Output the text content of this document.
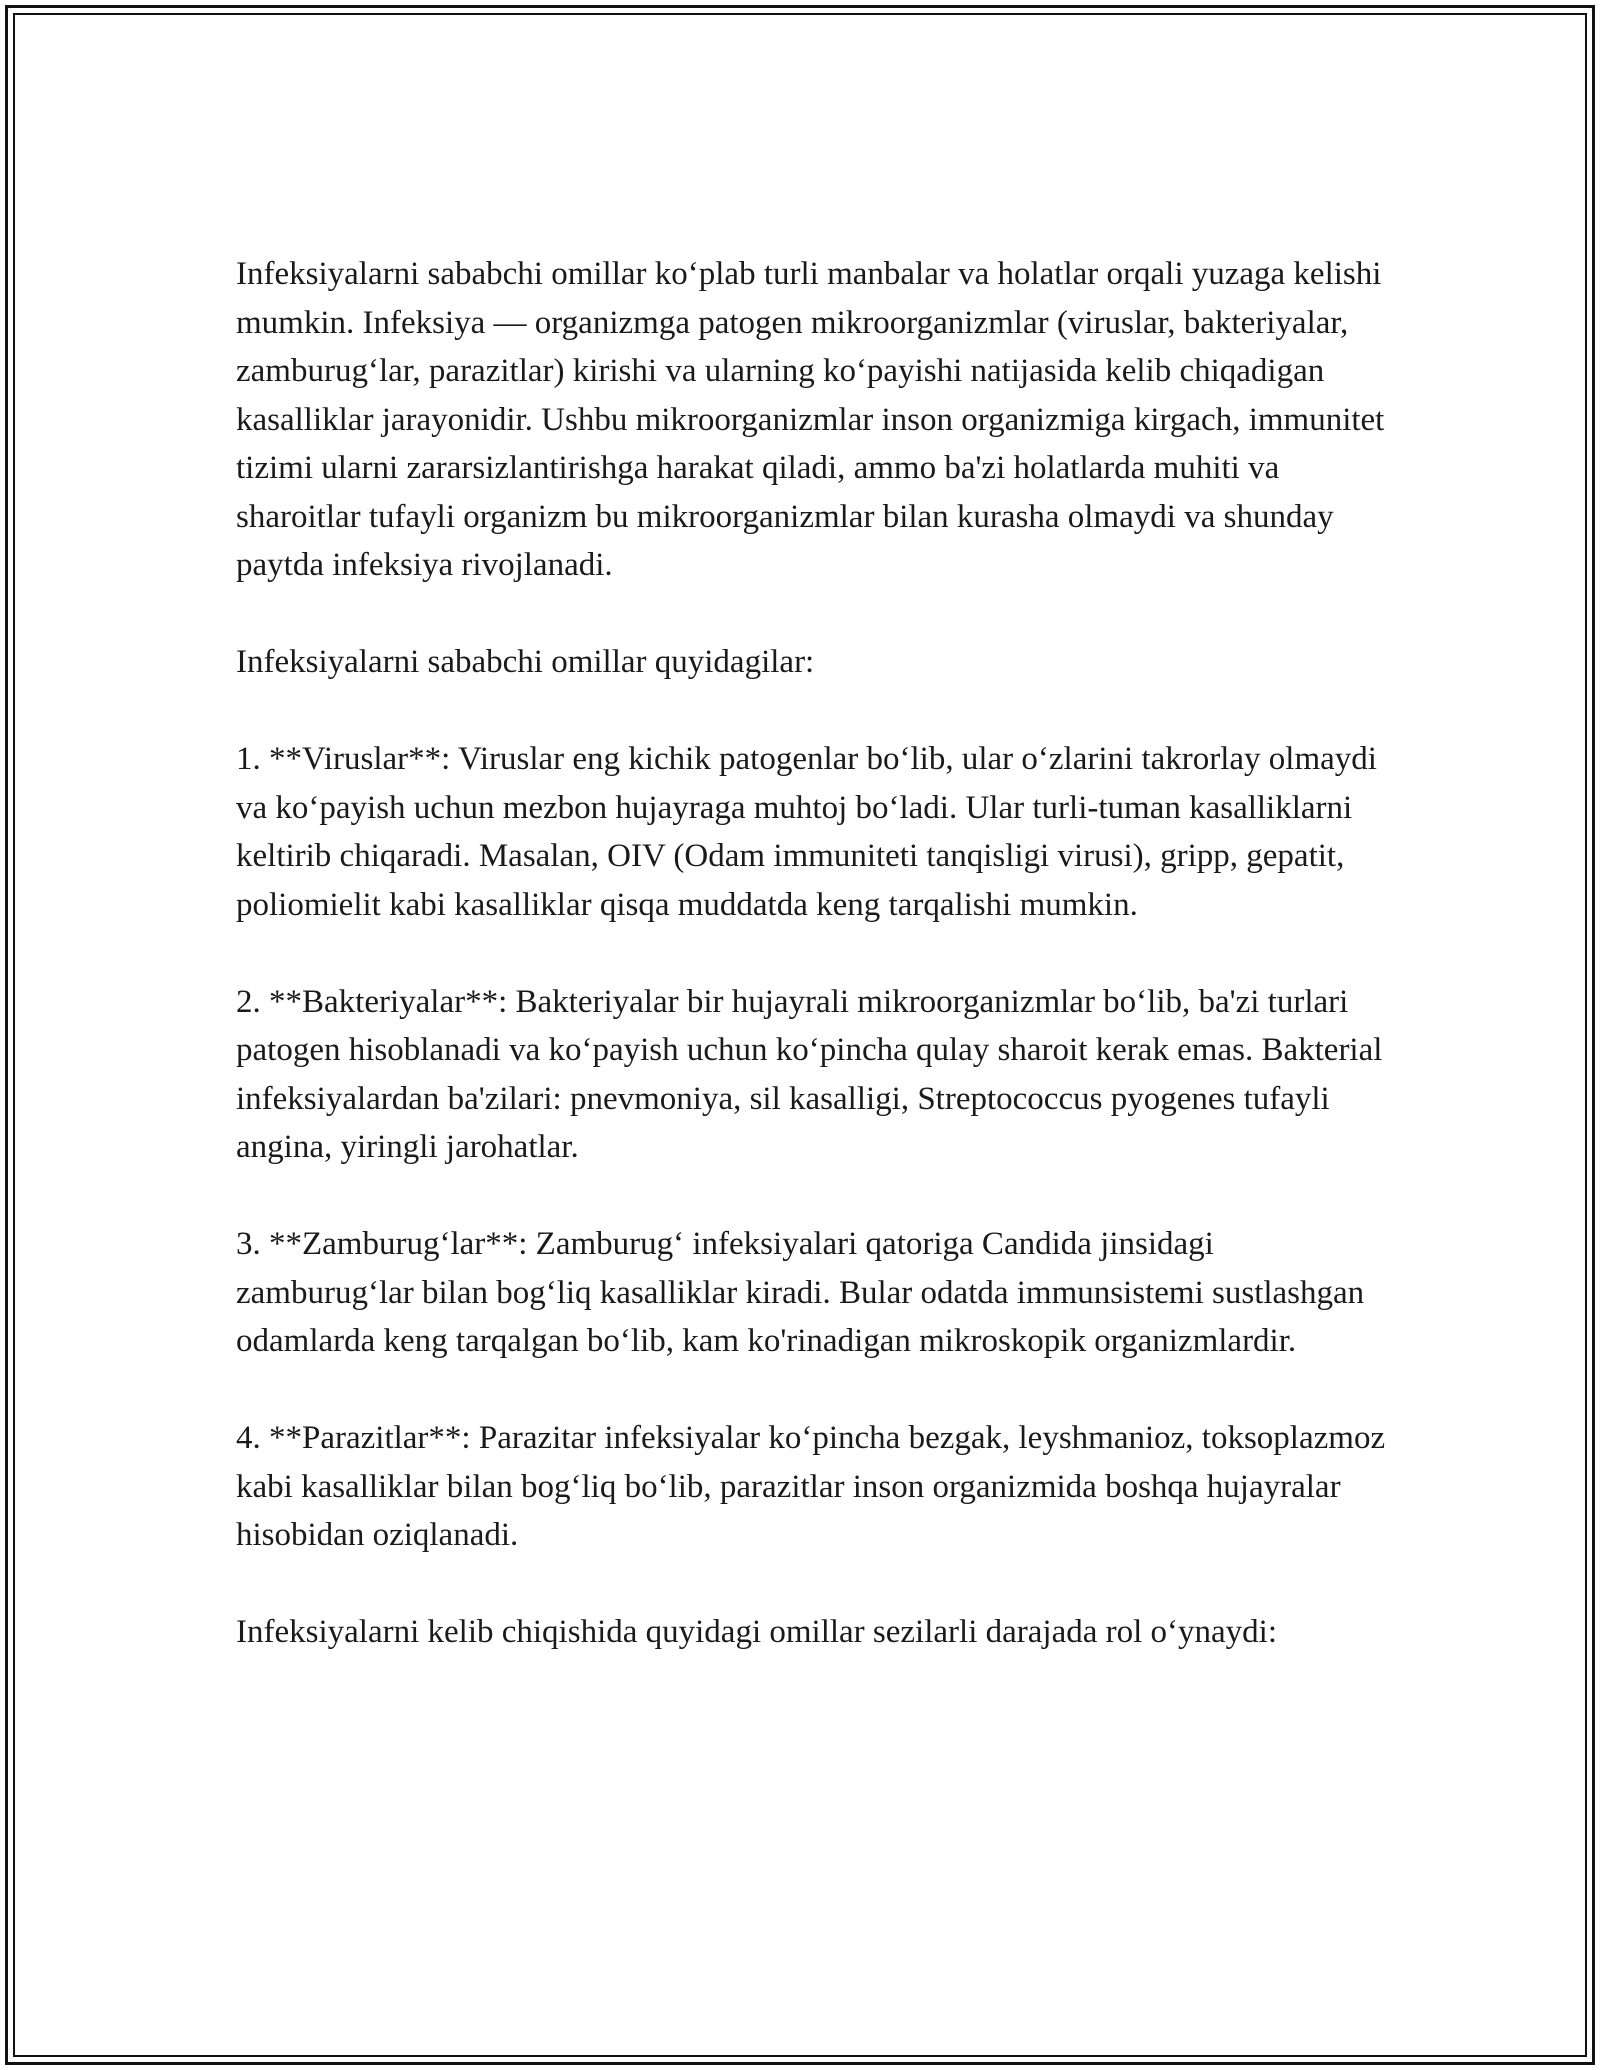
Infeksiyalarni sababchi omillar koʻplab turli manbalar va holatlar orqali yuzaga kelishi mumkin. Infeksiya — organizmga patogen mikroorganizmlar (viruslar, bakteriyalar, zamburugʻlar, parazitlar) kirishi va ularning koʻpayishi natijasida kelib chiqadigan kasalliklar jarayonidir. Ushbu mikroorganizmlar inson organizmiga kirgach, immunitet tizimi ularni zararsizlantirishga harakat qiladi, ammo ba'zi holatlarda muhiti va sharoitlar tufayli organizm bu mikroorganizmlar bilan kurasha olmaydi va shunday paytda infeksiya rivojlanadi.

Infeksiyalarni sababchi omillar quyidagilar:

1. **Viruslar**: Viruslar eng kichik patogenlar boʻlib, ular oʻzlarini takrorlay olmaydi va koʻpayish uchun mezbon hujayraga muhtoj boʻladi. Ular turli-tuman kasalliklarni keltirib chiqaradi. Masalan, OIV (Odam immuniteti tanqisligi virusi), gripp, gepatit, poliomielit kabi kasalliklar qisqa muddatda keng tarqalishi mumkin.

2. **Bakteriyalar**: Bakteriyalar bir hujayrali mikroorganizmlar boʻlib, ba'zi turlari patogen hisoblanadi va koʻpayish uchun koʻpincha qulay sharoit kerak emas. Bakterial infeksiyalardan ba'zilari: pnevmoniya, sil kasalligi, Streptococcus pyogenes tufayli angina, yiringli jarohatlar.

3. **Zamburugʻlar**: Zamburugʻ infeksiyalari qatoriga Candida jinsidagi zamburugʻlar bilan bogʻliq kasalliklar kiradi. Bular odatda immunsistemi sustlashgan odamlarda keng tarqalgan boʻlib, kam ko'rinadigan mikroskopik organizmlardir.

4. **Parazitlar**: Parazitar infeksiyalar koʻpincha bezgak, leyshmanioz, toksoplazmoz kabi kasalliklar bilan bogʻliq boʻlib, parazitlar inson organizmida boshqa hujayralar hisobidan oziqlanadi.

Infeksiyalarni kelib chiqishida quyidagi omillar sezilarli darajada rol oʻynaydi:
